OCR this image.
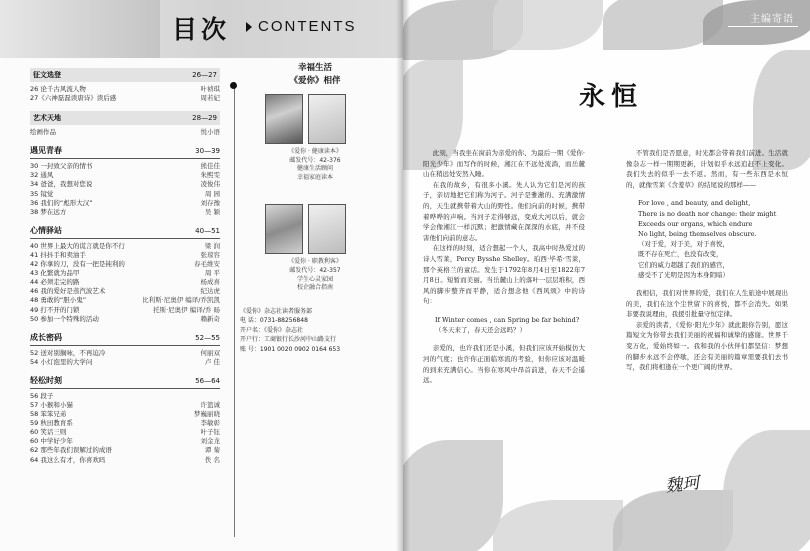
目次 CONTENTS
征文选登	26—27
26 论千古风流人物	叶祯琪
27《六神磊磊读唐诗》读后感	周若妃
艺术天地	28—29
绘画作品	悦小语
遇见青春	30—39
30 一封致父亲的情书	熊佳佳
32 通风	朱熙雯
34 爸爸，我想对您说	凌俊伟
35 镜觉	周 园
36 我们的“彪形大汉”	刘存豫
38 梦在远方	吴 颖
心情驿站	40—51
40 世界上最大的谎言就是你不行	梁 润
41 抖抖手和卖油手	张琼容
42 你拿的刀，没有一把是钝利的	春毛维安
43 化繁就为品甲	周 平
44 必须走完的路	杨成喜
46 我的爱好是蒸汽波艺术	纪达虎
48 勇敢的“胆小鬼”	比利斯·尼奥伊 编译/乔凯凯
49 打不开的门锁	托斯·尼奥伊 编译/乔 旸
50 参加一个特殊的活动	赖新奇
成长密码	52—55
52 送对别搁咏，不再迫冷	何丽双
54 小灯泡里的大学问	卢 佳
轻松时刻	56—64
56 段子
57 小猴和小猫	许篮诚
58 笨笨兄弟	梦巍丽晓
59 秋田教育系	李敏彰
60 笑话三则	叶子钰
60 中学好少年	刘金龙
62 那些年我们误解过的成语	谭 菊
64 我这么有才，你喜欢吗	佚 名
幸福生活
《爱你》相伴

《爱你 · 健康读本》
邮发代号：42-376
健康生活顾问
幸福家庭读本

《爱你 · 职教利客》
邮发代号：42-357
学生心灵家园
校企融合指南
《爱你》杂志社读者服务部
电 话：0731-88256848
开户名：《爱你》杂志社
开户行：工商银行长沙河中山路支行
账 号：1901 0020 0902 0164 653
主编寄语
永恒

此刻，当我坐在窗前为亲爱的你、为最后一期《爱你·阳光少年》而写作的时候，湘江在不远处流淌，而岳麓山在稍远处安然入睡。

在我的故乡，有很多小溪。先人认为它们是河的孩子，亲切地把它们称为河子。河子是雅澈的、充满激情的，天生就携带着大山的野性。他们向前的时候，携带着哗哗的声响。当河子走得够远，变成大河以后，就会学会像湘江一样沉默；把激情藏在深深的水底，并不侵害他们向前的意志。

在这样的时刻，适合想起一个人，我高中时热爱过的诗人雪莱，Percy Bysshe Shelley。珀西·毕希·雪莱，那个英格兰的童话。发生于1792年8月4日至1822年7月8日。短暂而美丽。当岳麓山上的落叶一层层堆积，西风的脚步整齐而平静，适合想念他《西风颂》中的诗句：

If Winter comes , can Spring be far behind?
（冬天来了，春天还会远吗？）

亲爱的，也许我们还是小溪，但我们应该开始模仿大河的气度；也许你正面临寒流的考验，但你应该对温暖的到来充满信心。当你在寒风中昂首前进，春天不会遥远。

不管我们是否愿意，时光都会带着我们前进。生活就像杂志一样一期期更新，计划似乎永远追赶不上变化。我们失去的似乎一去不返。然而，有一些东西是永恒的，就像雪莱《含羞草》的结尾说的那样——

For love , and beauty, and delight,
There is no death nor change: their might
Exceeds our organs, which endure
No light, being themselves obscure.
（对于爱，对于美，对于喜悦，
既不存在死亡，也没有改变，
它们的威力超越了我们的感官，
感受不了光明是因为本身阴暗）

我相信，我们对世界的爱，我们在人生旅途中展现出的美，我们在这个尘世留下的喜悦，都不会消失。如果非要我说理由，我援引批量守恒定律。

亲爱的读者，《爱你·阳光少年》就此跟你告别，愿这篇短文为你带去我们美丽的祝福和诚挚的感谢。世界千变万化，爱始终如一。我和我的小伙伴们都坚信：梦想的脚步永远不会停歇，还会有美丽的篇章需要我们去书写，我们将相逢在一个更广阔的世界。

魏珂
